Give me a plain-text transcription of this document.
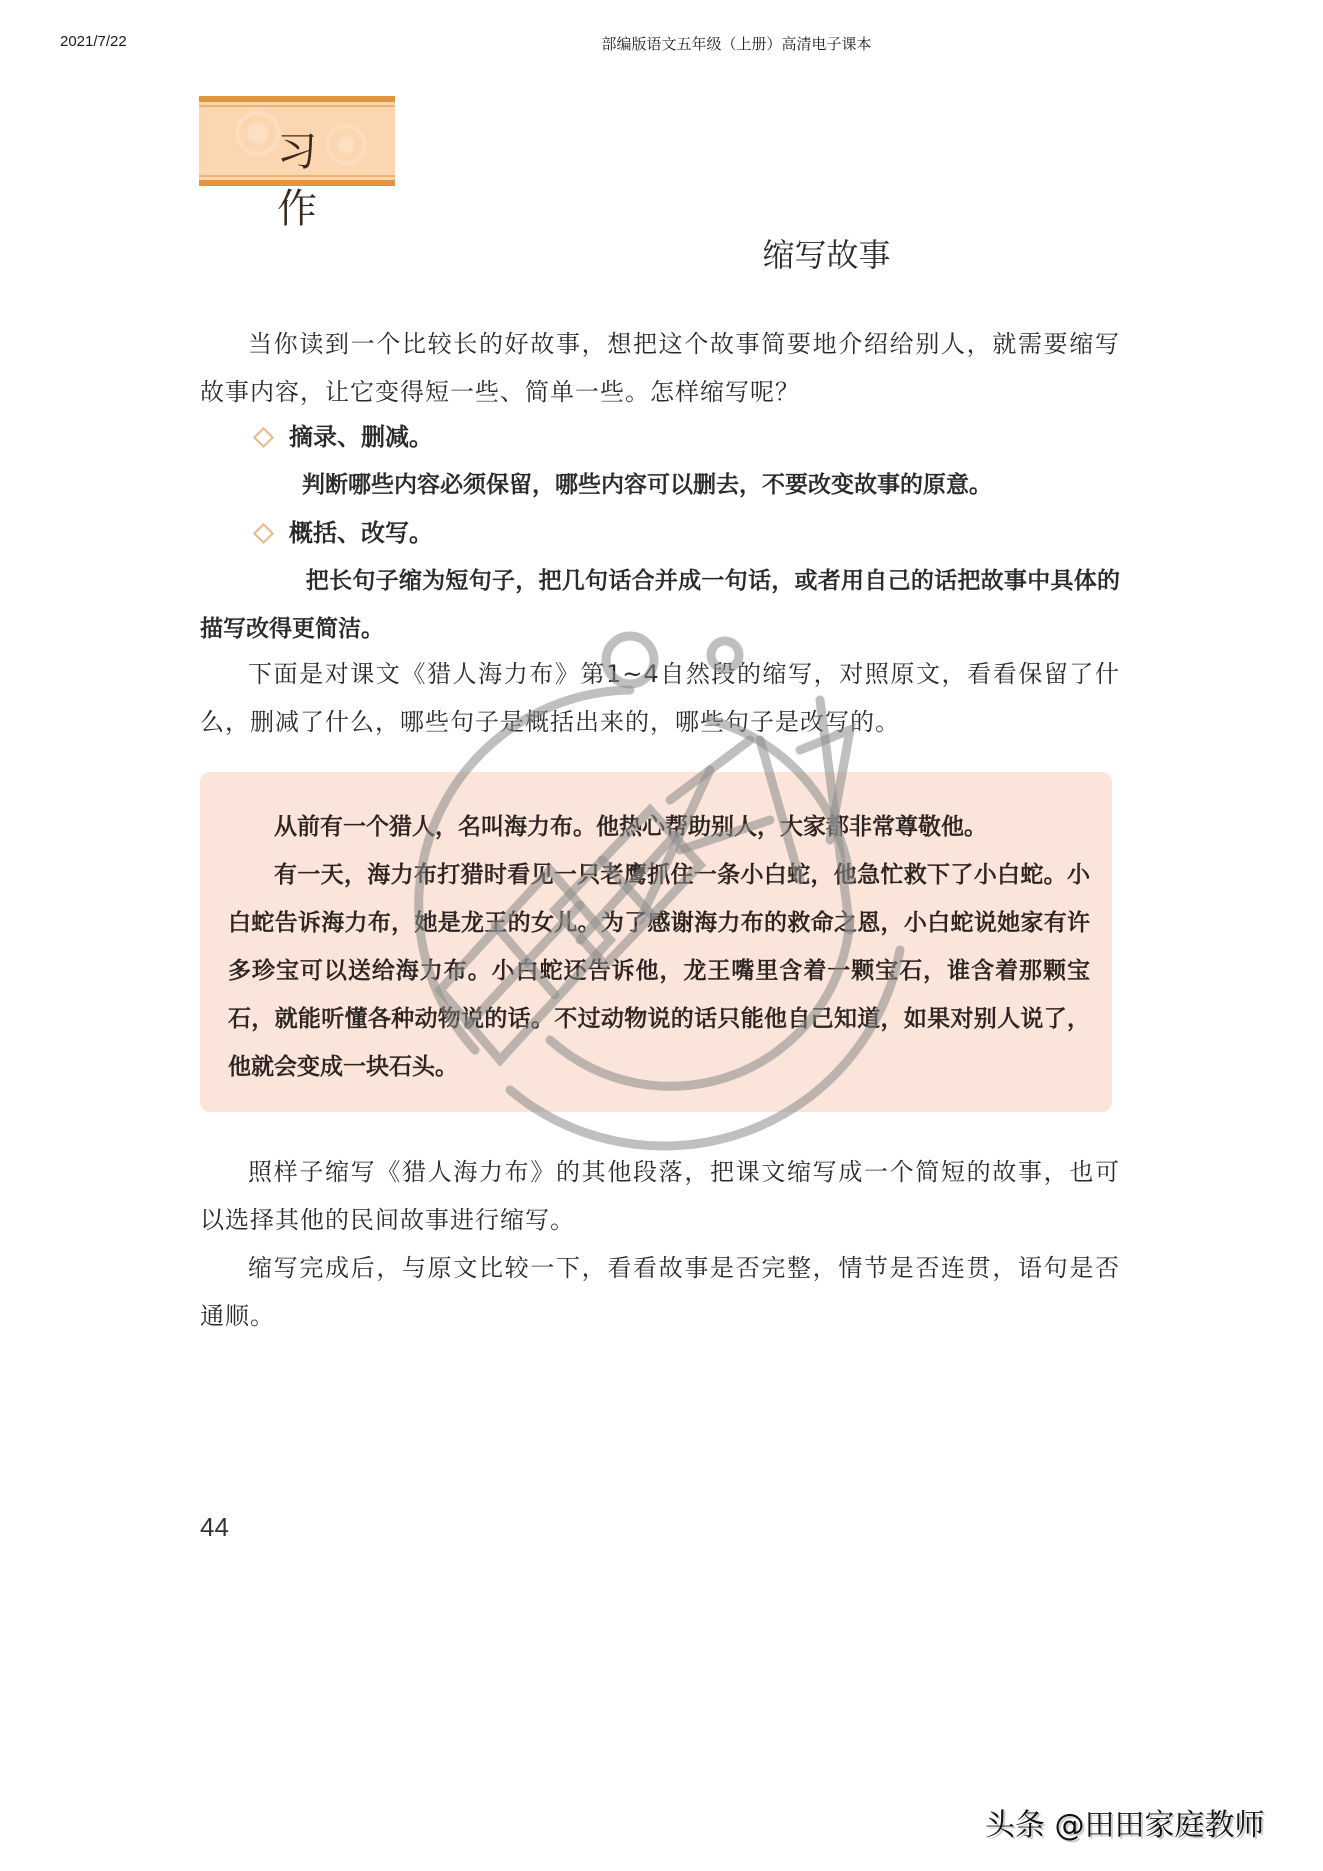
2021/7/22	部编版语文五年级（上册）高清电子课本
习 作
缩写故事

当你读到一个比较长的好故事，想把这个故事简要地介绍给别人，就需要缩写故事内容，让它变得短一些、简单一些。怎样缩写呢？

摘录、删减。

判断哪些内容必须保留，哪些内容可以删去，不要改变故事的原意。

概括、改写。

把长句子缩为短句子，把几句话合并成一句话，或者用自己的话把故事中具体的描写改得更简洁。

下面是对课文《猎人海力布》第1~4自然段的缩写，对照原文，看看保留了什么，删减了什么，哪些句子是概括出来的，哪些句子是改写的。

从前有一个猎人，名叫海力布。他热心帮助别人，大家都非常尊敬他。

有一天，海力布打猎时看见一只老鹰抓住一条小白蛇，他急忙救下了小白蛇。小白蛇告诉海力布，她是龙王的女儿。为了感谢海力布的救命之恩，小白蛇说她家有许多珍宝可以送给海力布。小白蛇还告诉他，龙王嘴里含着一颗宝石，谁含着那颗宝石，就能听懂各种动物说的话。不过动物说的话只能他自己知道，如果对别人说了，他就会变成一块石头。

照样子缩写《猎人海力布》的其他段落，把课文缩写成一个简短的故事，也可以选择其他的民间故事进行缩写。

缩写完成后，与原文比较一下，看看故事是否完整，情节是否连贯，语句是否通顺。

44
头条 @田田家庭教师
